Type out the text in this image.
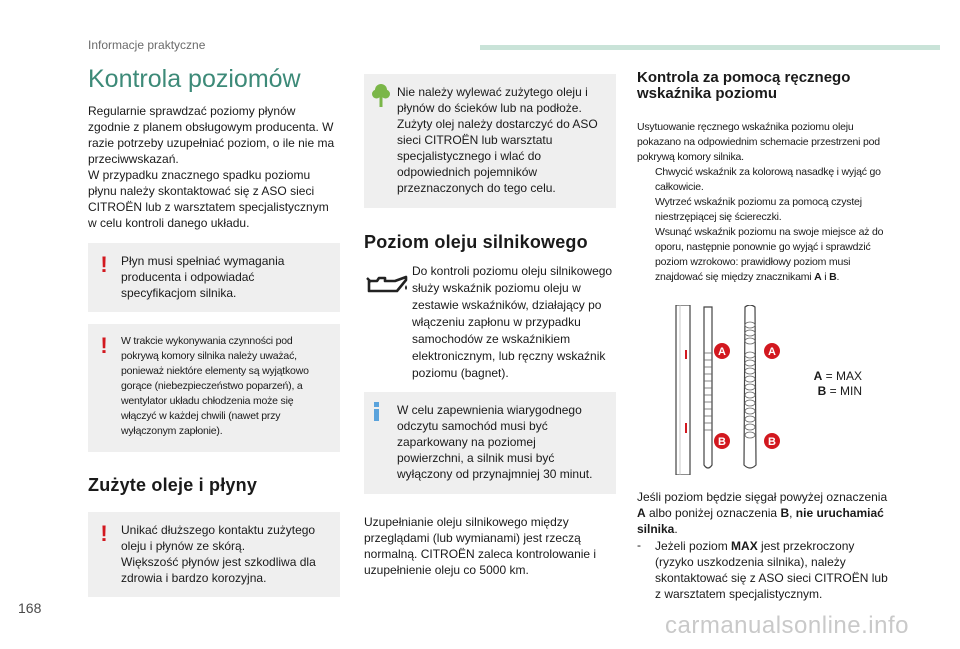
Informacje praktyczne
Kontrola poziomów

Regularnie sprawdzać poziomy płynów zgodnie z planem obsługowym producenta. W razie potrzeby uzupełniać poziom, o ile nie ma przeciwwskazań.

W przypadku znacznego spadku poziomu płynu należy skontaktować się z ASO sieci CITROËN lub z warsztatem specjalistycznym w celu kontroli danego układu.

!	Płyn musi spełniać wymagania producenta i odpowiadać specyfikacjom silnika.

!	W trakcie wykonywania czynności pod pokrywą komory silnika należy uważać, ponieważ niektóre elementy są wyjątkowo gorące (niebezpieczeństwo poparzeń), a wentylator układu chłodzenia może się włączyć w każdej chwili (nawet przy wyłączonym zapłonie).

Zużyte oleje i płyny
!	Unikać dłuższego kontaktu zużytego oleju i płynów ze skórą.

Większość płynów jest szkodliwa dla zdrowia i bardzo korozyjna.

Nie należy wylewać zużytego oleju i płynów do ścieków lub na podłoże. Zużyty olej należy dostarczyć do ASO sieci CITROËN lub warsztatu specjalistycznego i wlać do odpowiednich pojemników przeznaczonych do tego celu.

Poziom oleju silnikowego

Do kontroli poziomu oleju silnikowego służy wskaźnik poziomu oleju w zestawie wskaźników, działający po włączeniu zapłonu w przypadku samochodów ze wskaźnikiem elektronicznym, lub ręczny wskaźnik poziomu (bagnet).

W celu zapewnienia wiarygodnego odczytu samochód musi być zaparkowany na poziomej powierzchni, a silnik musi być wyłączony od przynajmniej 30 minut.

Uzupełnianie oleju silnikowego między przeglądami (lub wymianami) jest rzeczą normalną. CITROËN zaleca kontrolowanie i uzupełnienie oleju co 5000 km.

Kontrola za pomocą ręcznego wskaźnika poziomu

Usytuowanie ręcznego wskaźnika poziomu oleju pokazano na odpowiednim schemacie przestrzeni pod pokrywą komory silnika.

Chwycić wskaźnik za kolorową nasadkę i wyjąć go całkowicie.
Wytrzeć wskaźnik poziomu za pomocą czystej niestrzępiącej się ściereczki.
Wsunąć wskaźnik poziomu na swoje miejsce aż do oporu, następnie ponownie go wyjąć i sprawdzić poziom wzrokowo: prawidłowy poziom musi znajdować się między znacznikami A i B.
A	A
B	B
A = MAX
B = MIN

Jeśli poziom będzie sięgał powyżej oznaczenia A albo poniżej oznaczenia B, nie uruchamiać silnika.

- Jeżeli poziom MAX jest przekroczony (ryzyko uszkodzenia silnika), należy skontaktować się z ASO sieci CITROËN lub z warsztatem specjalistycznym.

168
carmanualsonline.info
